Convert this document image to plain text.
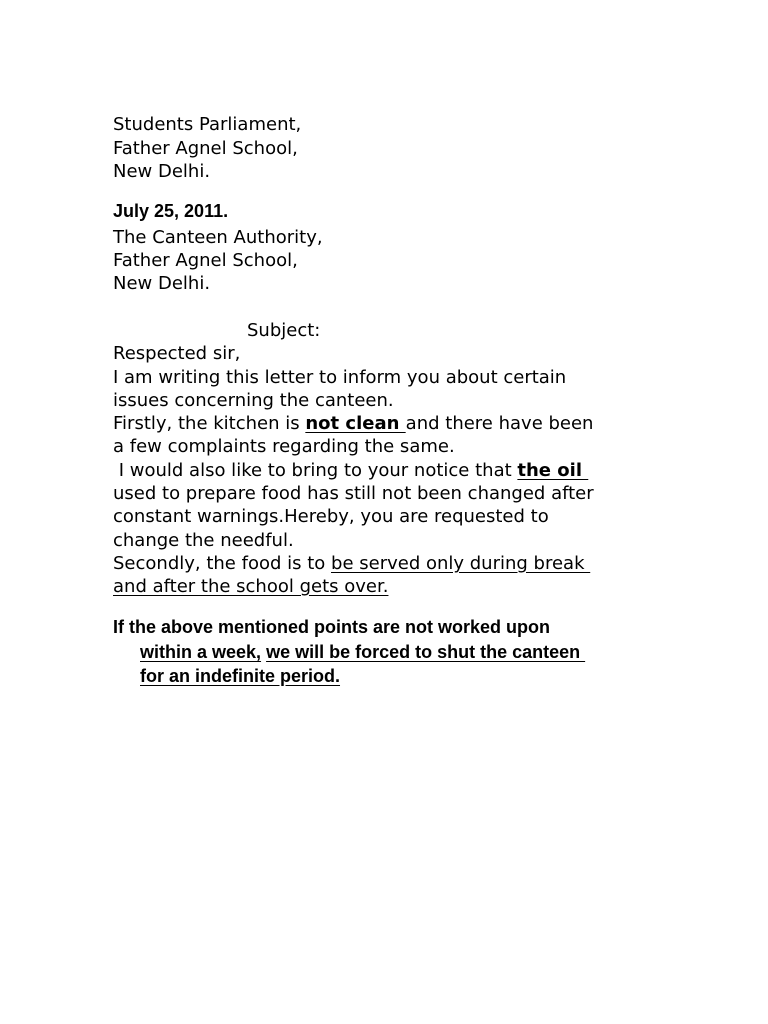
Students Parliament,
Father Agnel School,
New Delhi.
July 25, 2011.
The Canteen Authority,
Father Agnel School,
New Delhi.
Subject:
Respected sir,
I am writing this letter to inform you about certain
issues concerning the canteen.
Firstly, the kitchen is not clean and there have been
a few complaints regarding the same.
I would also like to bring to your notice that the oil
used to prepare food has still not been changed after
constant warnings.Hereby, you are requested to
change the needful.
Secondly, the food is to be served only during break
and after the school gets over.
If the above mentioned points are not worked upon
within a week, we will be forced to shut the canteen
for an indefinite period.
